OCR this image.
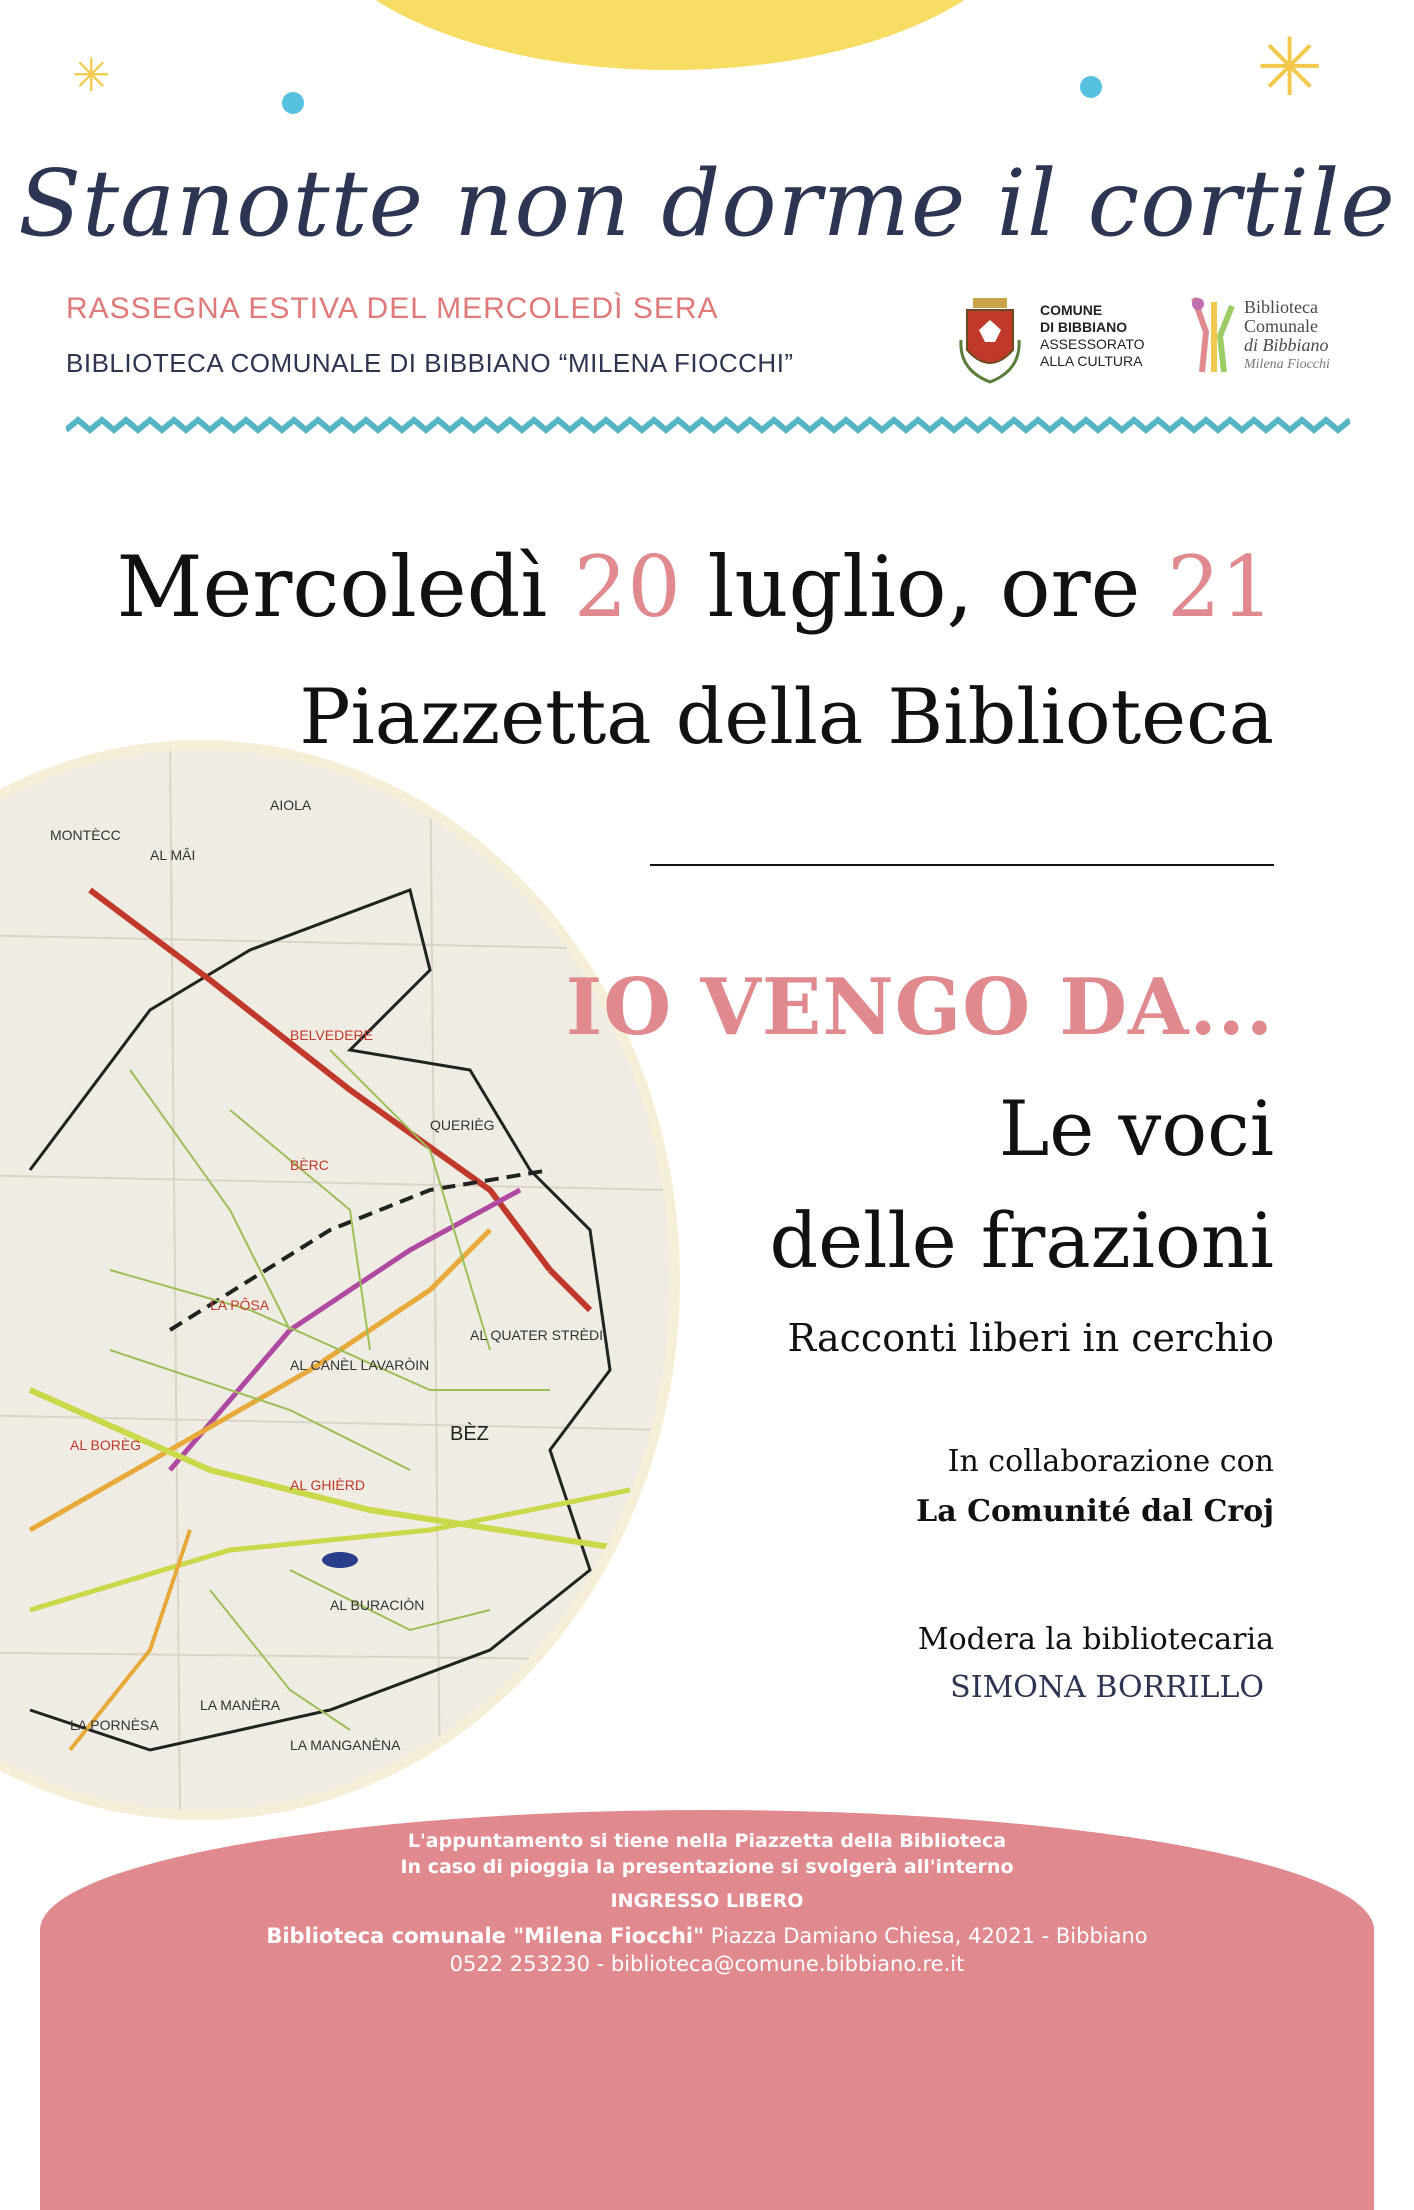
✳	✳
Stanotte non dorme il cortile
RASSEGNA ESTIVA DEL MERCOLEDÌ SERA
BIBLIOTECA COMUNALE DI BIBBIANO “MILENA FIOCCHI”
COMUNE
DI BIBBIANO
ASSESSORATO
ALLA CULTURA
Biblioteca
Comunale
di Bibbiano
Milena Fiocchi
Mercoledì 20 luglio, ore 21
Piazzetta della Biblioteca
MONTÈCC
AIOLA
AL MÂI
BELVEDERE
QUERIÈG
BÈRC
LA PÔSA
AL GHIÈRD
BÈZ
AL BORÈG
LA PORNÈSA
LA MANÈRA
AL QUATER STRÈDI
AL CANÈL LAVARÒIN
AL BURACIÒN
LA MANGANÈNA
IO VENGO DA...
Le voci
delle frazioni
Racconti liberi in cerchio
In collaborazione con
La Comunité dal Croj
Modera la bibliotecaria
SIMONA BORRILLO
L'appuntamento si tiene nella Piazzetta della Biblioteca
In caso di pioggia la presentazione si svolgerà all'interno
INGRESSO LIBERO
Biblioteca comunale "Milena Fiocchi" Piazza Damiano Chiesa, 42021 - Bibbiano
0522 253230 - biblioteca@comune.bibbiano.re.it
